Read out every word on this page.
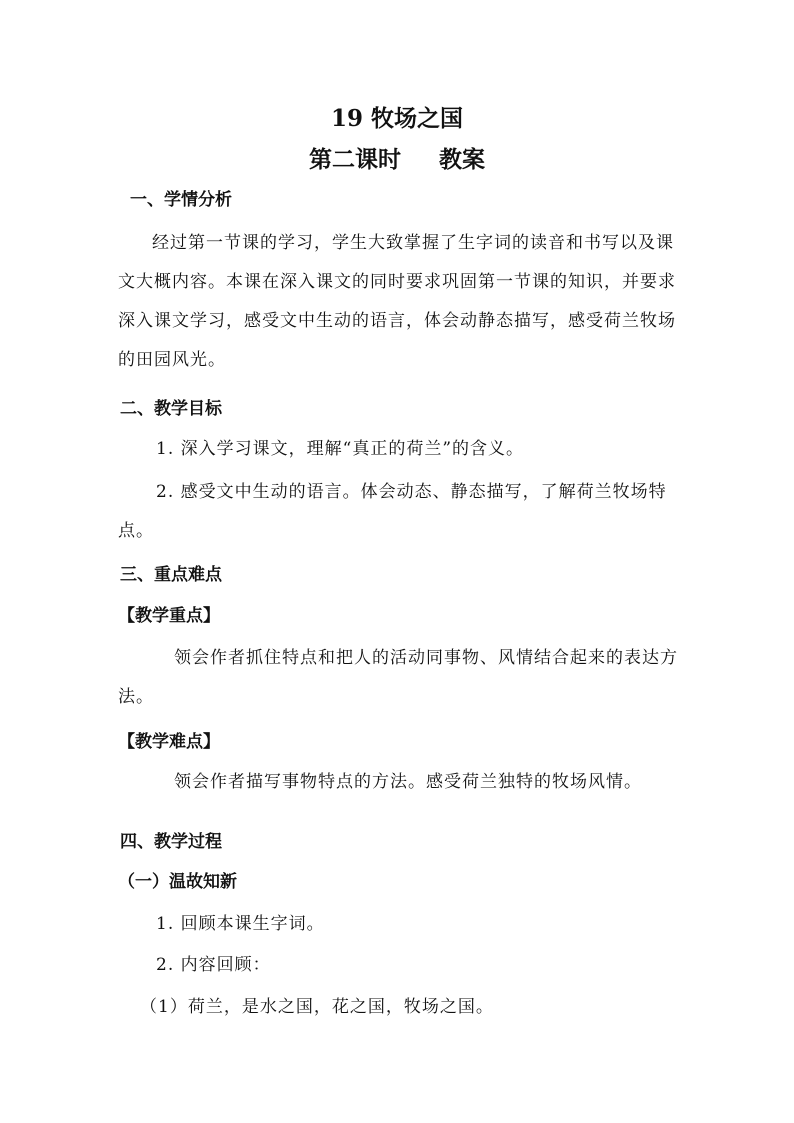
19 牧场之国
第二课时 教案
一、学情分析
经过第一节课的学习，学生大致掌握了生字词的读音和书写以及课文大概内容。本课在深入课文的同时要求巩固第一节课的知识，并要求深入课文学习，感受文中生动的语言，体会动静态描写，感受荷兰牧场的田园风光。
二、教学目标
1. 深入学习课文，理解“真正的荷兰”的含义。
2. 感受文中生动的语言。体会动态、静态描写，了解荷兰牧场特点。
三、重点难点
【教学重点】
领会作者抓住特点和把人的活动同事物、风情结合起来的表达方法。
【教学难点】
领会作者描写事物特点的方法。感受荷兰独特的牧场风情。
四、教学过程
（一）温故知新
1. 回顾本课生字词。
2. 内容回顾：
（1）荷兰，是水之国，花之国，牧场之国。
